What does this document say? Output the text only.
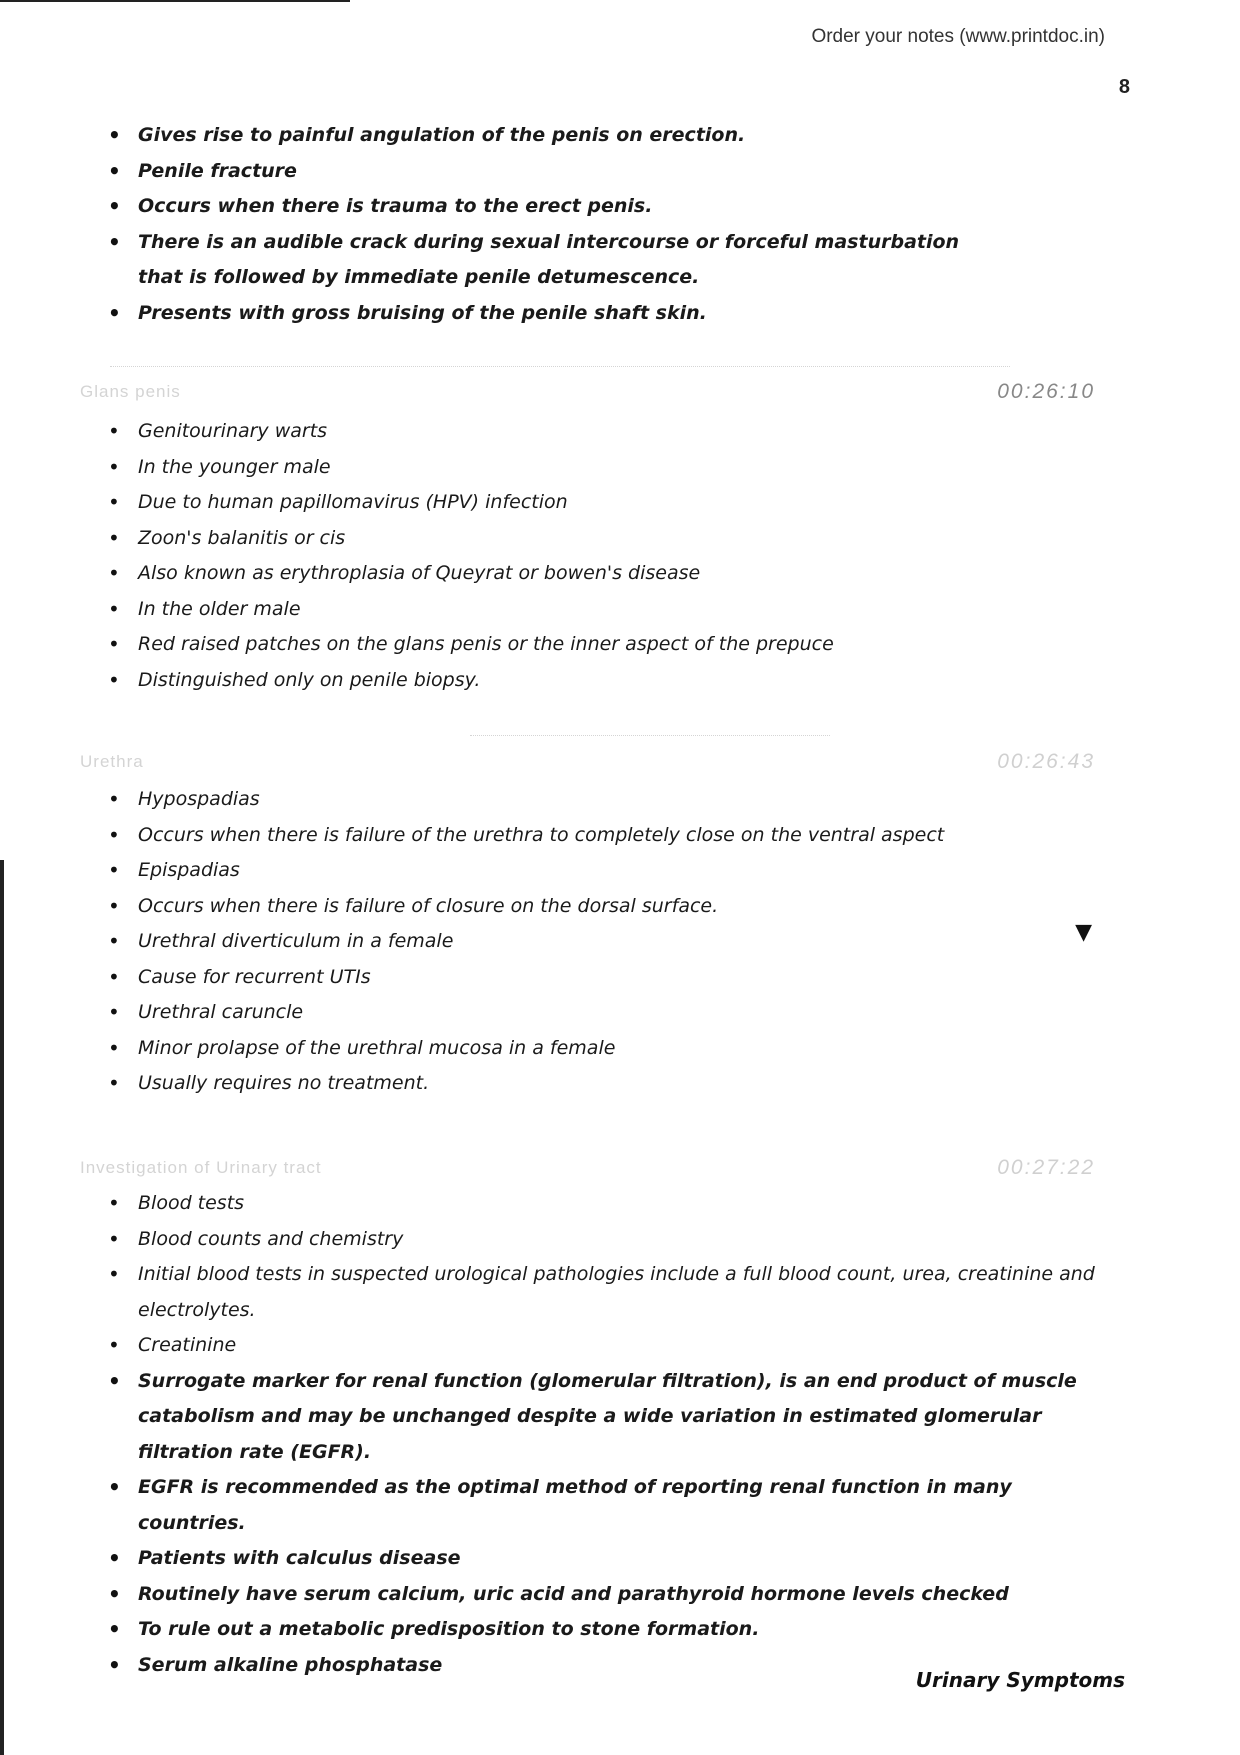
Order your notes (www.printdoc.in)
8
• Gives rise to painful angulation of the penis on erection.
• Penile fracture
• Occurs when there is trauma to the erect penis.
• There is an audible crack during sexual intercourse or forceful masturbation that is followed by immediate penile detumescence.
• Presents with gross bruising of the penile shaft skin.
Glans penis	00:26:10
• Genitourinary warts
• In the younger male
• Due to human papillomavirus (HPV) infection
• Zoon's balanitis or cis
• Also known as erythroplasia of Queyrat or bowen's disease
• In the older male
• Red raised patches on the glans penis or the inner aspect of the prepuce
• Distinguished only on penile biopsy.
Urethra	00:26:43
• Hypospadias
• Occurs when there is failure of the urethra to completely close on the ventral aspect
• Epispadias
• Occurs when there is failure of closure on the dorsal surface.
• Urethral diverticulum in a female
• Cause for recurrent UTIs
• Urethral caruncle
• Minor prolapse of the urethral mucosa in a female
• Usually requires no treatment.
▼
Investigation of Urinary tract	00:27:22
• Blood tests
• Blood counts and chemistry
• Initial blood tests in suspected urological pathologies include a full blood count, urea, creatinine and electrolytes.
• Creatinine
• Surrogate marker for renal function (glomerular filtration), is an end product of muscle catabolism and may be unchanged despite a wide variation in estimated glomerular filtration rate (EGFR).
• EGFR is recommended as the optimal method of reporting renal function in many countries.
• Patients with calculus disease
• Routinely have serum calcium, uric acid and parathyroid hormone levels checked
• To rule out a metabolic predisposition to stone formation.
• Serum alkaline phosphatase
Urinary Symptoms
